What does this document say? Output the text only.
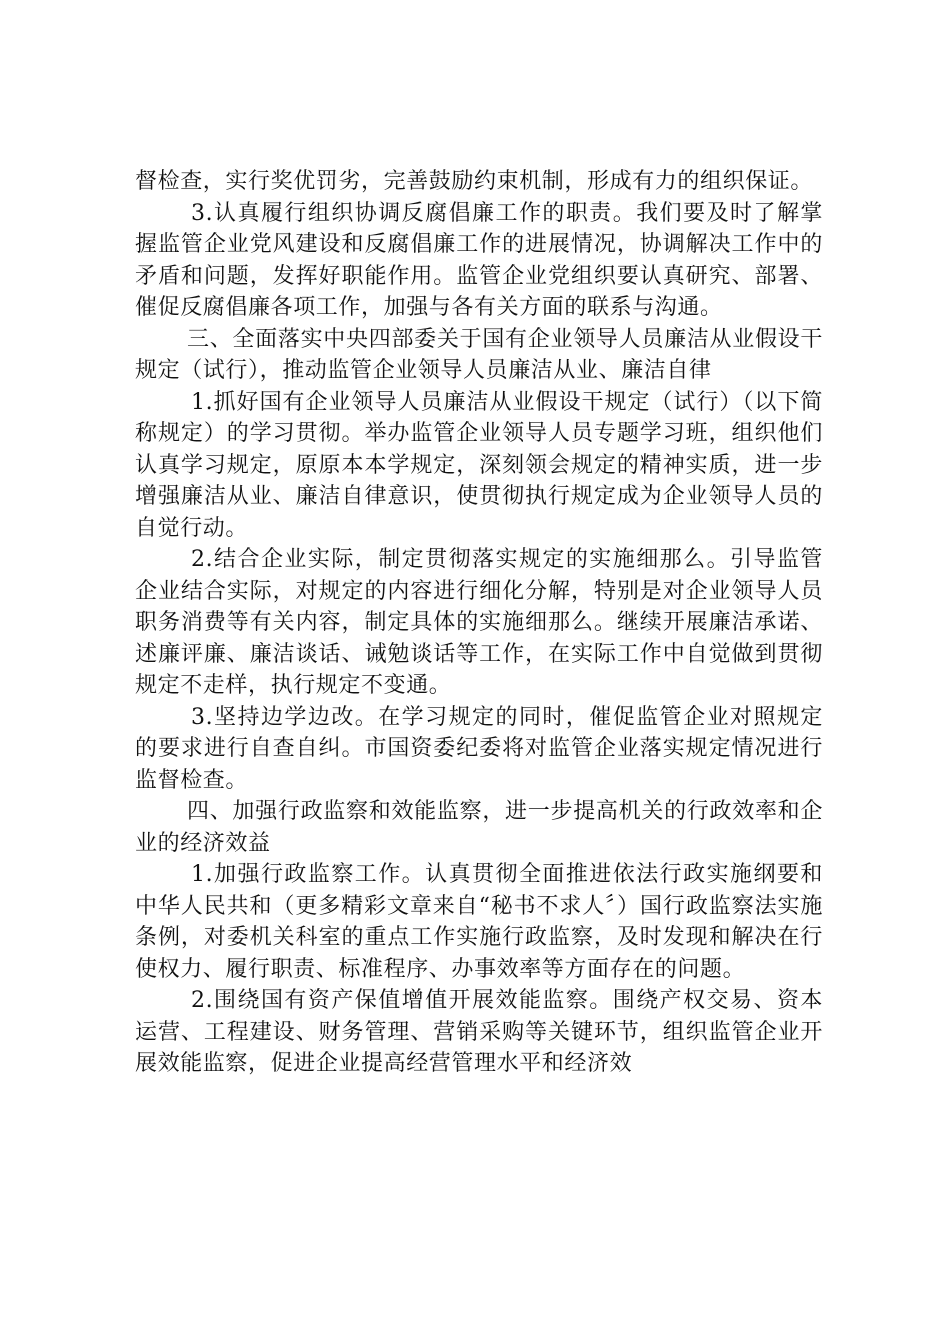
督检查，实行奖优罚劣，完善鼓励约束机制，形成有力的组织保证。

3.认真履行组织协调反腐倡廉工作的职责。我们要及时了解掌握监管企业党风建设和反腐倡廉工作的进展情况，协调解决工作中的矛盾和问题，发挥好职能作用。监管企业党组织要认真研究、部署、催促反腐倡廉各项工作，加强与各有关方面的联系与沟通。

三、全面落实中央四部委关于国有企业领导人员廉洁从业假设干规定（试行），推动监管企业领导人员廉洁从业、廉洁自律

1.抓好国有企业领导人员廉洁从业假设干规定（试行）（以下简称规定）的学习贯彻。举办监管企业领导人员专题学习班，组织他们认真学习规定，原原本本学规定，深刻领会规定的精神实质，进一步增强廉洁从业、廉洁自律意识，使贯彻执行规定成为企业领导人员的自觉行动。

2.结合企业实际，制定贯彻落实规定的实施细那么。引导监管企业结合实际，对规定的内容进行细化分解，特别是对企业领导人员职务消费等有关内容，制定具体的实施细那么。继续开展廉洁承诺、述廉评廉、廉洁谈话、诫勉谈话等工作，在实际工作中自觉做到贯彻规定不走样，执行规定不变通。

3.坚持边学边改。在学习规定的同时，催促监管企业对照规定的要求进行自查自纠。市国资委纪委将对监管企业落实规定情况进行监督检查。

四、加强行政监察和效能监察，进一步提高机关的行政效率和企业的经济效益

1.加强行政监察工作。认真贯彻全面推进依法行政实施纲要和中华人民共和（更多精彩文章来自“秘书不求人〞）国行政监察法实施条例，对委机关科室的重点工作实施行政监察，及时发现和解决在行使权力、履行职责、标准程序、办事效率等方面存在的问题。

2.围绕国有资产保值增值开展效能监察。围绕产权交易、资本运营、工程建设、财务管理、营销采购等关键环节，组织监管企业开展效能监察，促进企业提高经营管理水平和经济效
